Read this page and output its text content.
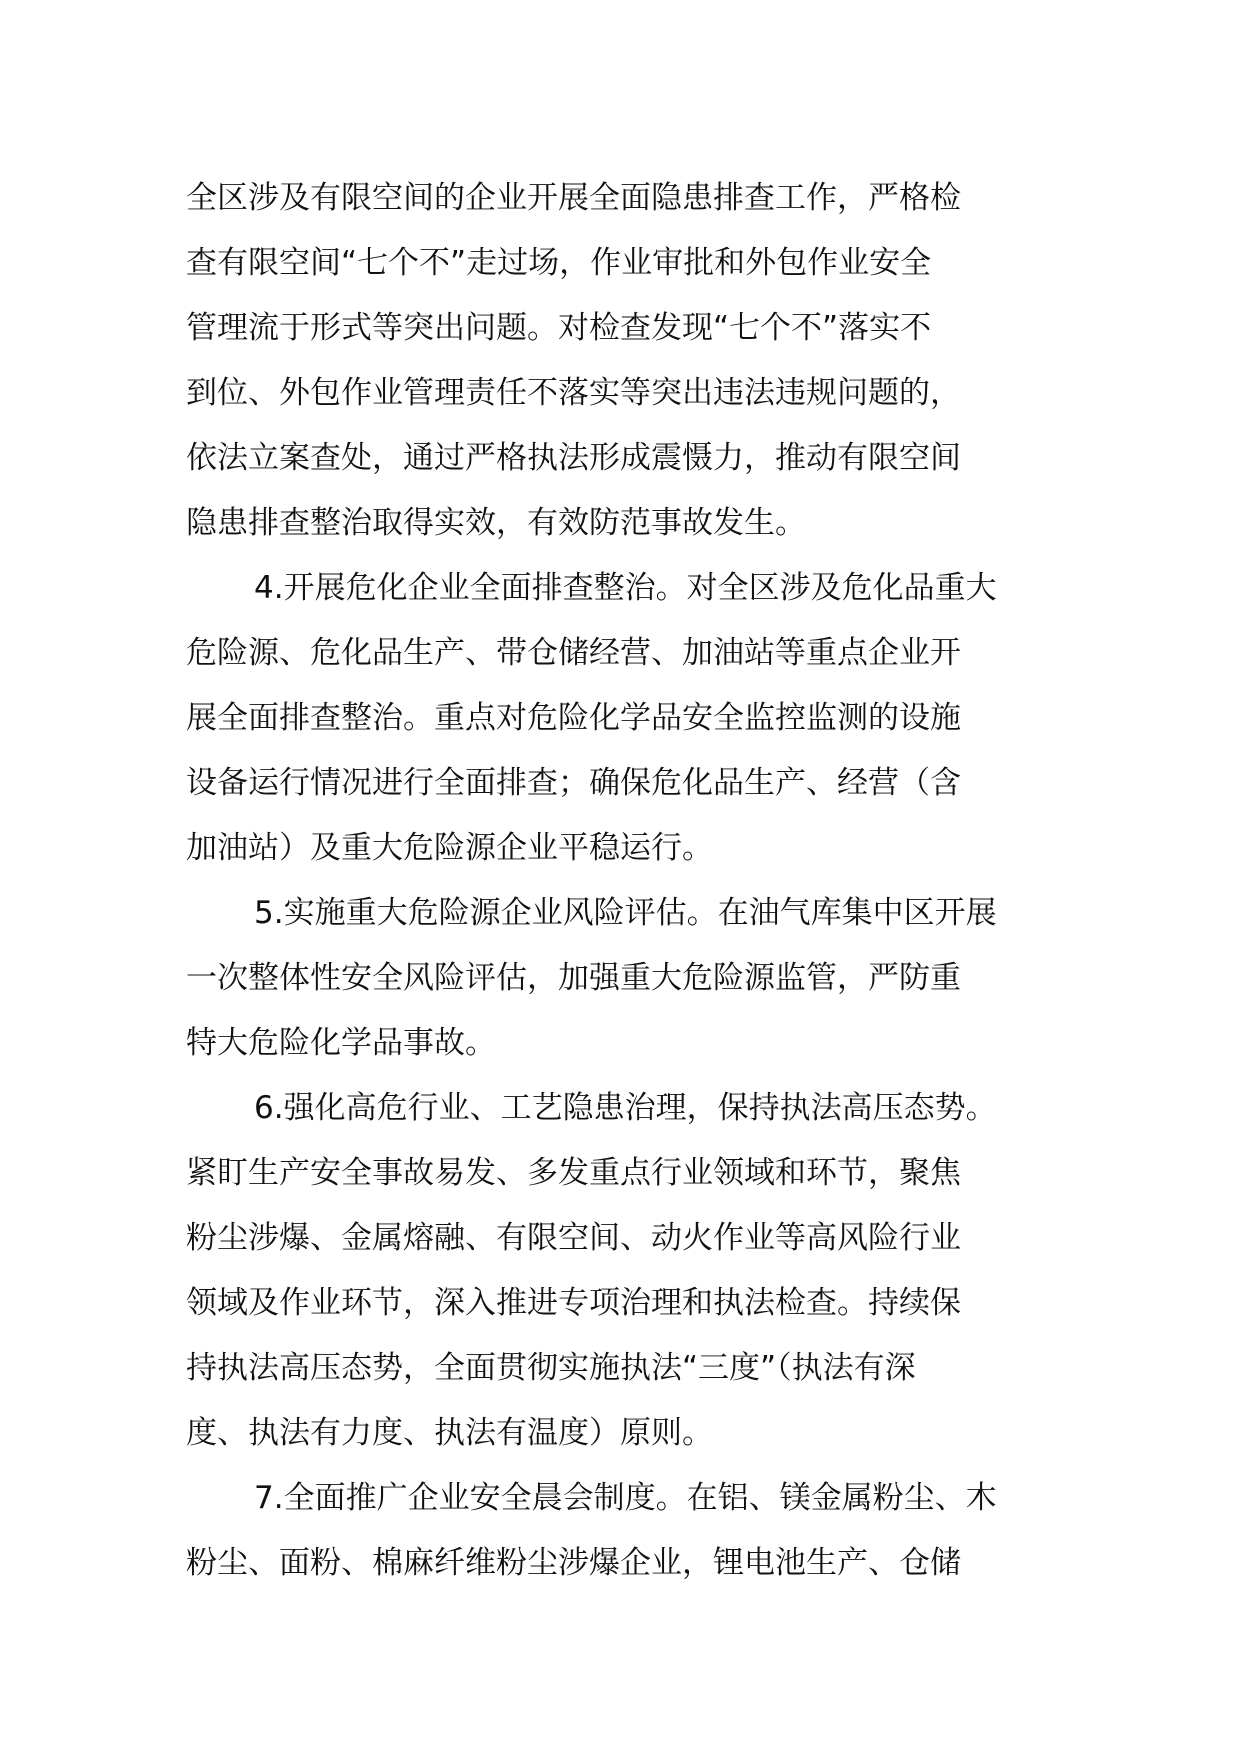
全区涉及有限空间的企业开展全面隐患排查工作，严格检
查有限空间“七个不”走过场，作业审批和外包作业安全
管理流于形式等突出问题。对检查发现“七个不”落实不
到位、外包作业管理责任不落实等突出违法违规问题的，
依法立案查处，通过严格执法形成震慑力，推动有限空间
隐患排查整治取得实效，有效防范事故发生。
4.开展危化企业全面排查整治。对全区涉及危化品重大
危险源、危化品生产、带仓储经营、加油站等重点企业开
展全面排查整治。重点对危险化学品安全监控监测的设施
设备运行情况进行全面排查；确保危化品生产、经营（含
加油站）及重大危险源企业平稳运行。
5.实施重大危险源企业风险评估。在油气库集中区开展
一次整体性安全风险评估，加强重大危险源监管，严防重
特大危险化学品事故。
6.强化高危行业、工艺隐患治理，保持执法高压态势。
紧盯生产安全事故易发、多发重点行业领域和环节，聚焦
粉尘涉爆、金属熔融、有限空间、动火作业等高风险行业
领域及作业环节，深入推进专项治理和执法检查。持续保
持执法高压态势，全面贯彻实施执法“三度”（执法有深
度、执法有力度、执法有温度）原则。
7.全面推广企业安全晨会制度。在铝、镁金属粉尘、木
粉尘、面粉、棉麻纤维粉尘涉爆企业，锂电池生产、仓储
